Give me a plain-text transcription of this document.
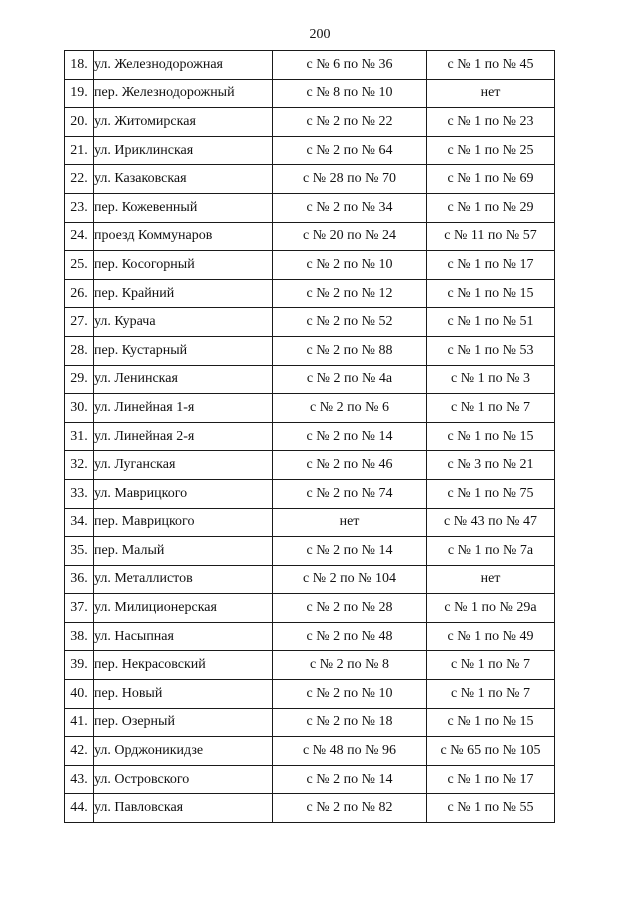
200
18.	ул. Железнодорожная	с № 6 по № 36	с № 1 по № 45
19.	пер. Железнодорожный	с № 8 по № 10	нет
20.	ул. Житомирская	с № 2 по № 22	с № 1 по № 23
21.	ул. Ириклинская	с № 2 по № 64	с № 1 по № 25
22.	ул. Казаковская	с № 28 по № 70	с № 1 по № 69
23.	пер. Кожевенный	с № 2 по № 34	с № 1 по № 29
24.	проезд Коммунаров	с № 20 по № 24	с № 11 по № 57
25.	пер. Косогорный	с № 2 по № 10	с № 1 по № 17
26.	пер. Крайний	с № 2 по № 12	с № 1 по № 15
27.	ул. Курача	с № 2 по № 52	с № 1 по № 51
28.	пер. Кустарный	с № 2 по № 88	с № 1 по № 53
29.	ул. Ленинская	с № 2 по № 4а	с № 1 по № 3
30.	ул. Линейная 1-я	с № 2 по № 6	с № 1 по № 7
31.	ул. Линейная 2-я	с № 2 по № 14	с № 1 по № 15
32.	ул. Луганская	с № 2 по № 46	с № 3 по № 21
33.	ул. Маврицкого	с № 2 по № 74	с № 1 по № 75
34.	пер. Маврицкого	нет	с № 43 по № 47
35.	пер. Малый	с № 2 по № 14	с № 1 по № 7а
36.	ул. Металлистов	с № 2 по № 104	нет
37.	ул. Милиционерская	с № 2 по № 28	с № 1 по № 29а
38.	ул. Насыпная	с № 2 по № 48	с № 1 по № 49
39.	пер. Некрасовский	с № 2 по № 8	с № 1 по № 7
40.	пер. Новый	с № 2 по № 10	с № 1 по № 7
41.	пер. Озерный	с № 2 по № 18	с № 1 по № 15
42.	ул. Орджоникидзе	с № 48 по № 96	с № 65 по № 105
43.	ул. Островского	с № 2 по № 14	с № 1 по № 17
44.	ул. Павловская	с № 2 по № 82	с № 1 по № 55
